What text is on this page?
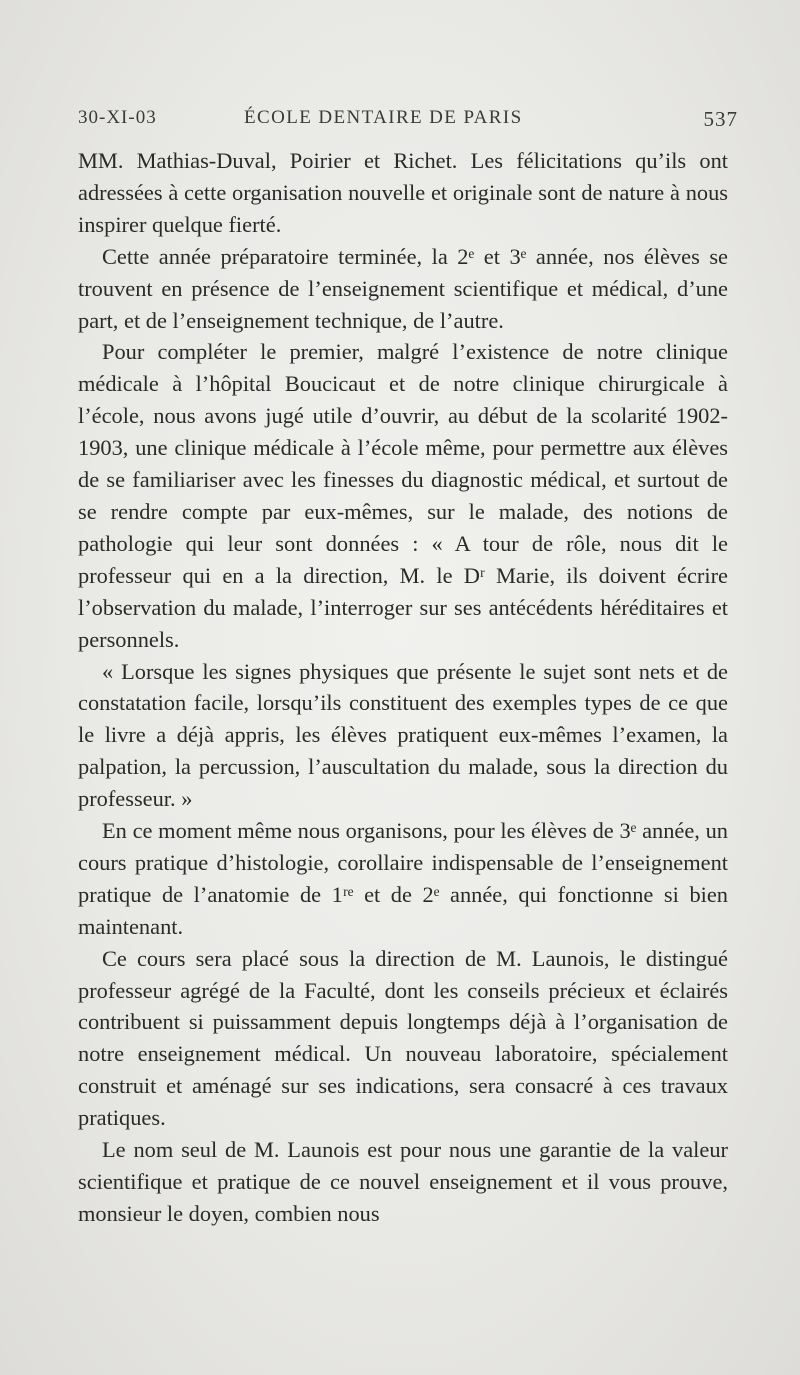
30-XI-03	ÉCOLE DENTAIRE DE PARIS	537

MM. Mathias-Duval, Poirier et Richet. Les félicitations qu’ils ont adressées à cette organisation nouvelle et originale sont de nature à nous inspirer quelque fierté.

Cette année préparatoire terminée, la 2ᵉ et 3ᵉ année, nos élèves se trouvent en présence de l’enseignement scientifique et médical, d’une part, et de l’enseignement technique, de l’autre.

Pour compléter le premier, malgré l’existence de notre clinique médicale à l’hôpital Boucicaut et de notre clinique chirurgicale à l’école, nous avons jugé utile d’ouvrir, au début de la scolarité 1902-1903, une clinique médicale à l’école même, pour permettre aux élèves de se familiariser avec les finesses du diagnostic médical, et surtout de se rendre compte par eux-mêmes, sur le malade, des notions de pathologie qui leur sont données : « A tour de rôle, nous dit le professeur qui en a la direction, M. le Dʳ Marie, ils doivent écrire l’observation du malade, l’interroger sur ses antécédents héréditaires et personnels.

« Lorsque les signes physiques que présente le sujet sont nets et de constatation facile, lorsqu’ils constituent des exemples types de ce que le livre a déjà appris, les élèves pratiquent eux-mêmes l’examen, la palpation, la percussion, l’auscultation du malade, sous la direction du professeur. »

En ce moment même nous organisons, pour les élèves de 3ᵉ année, un cours pratique d’histologie, corollaire indispensable de l’enseignement pratique de l’anatomie de 1ʳᵉ et de 2ᵉ année, qui fonctionne si bien maintenant.

Ce cours sera placé sous la direction de M. Launois, le distingué professeur agrégé de la Faculté, dont les conseils précieux et éclairés contribuent si puissamment depuis longtemps déjà à l’organisation de notre enseignement médical. Un nouveau laboratoire, spécialement construit et aménagé sur ses indications, sera consacré à ces travaux pratiques.

Le nom seul de M. Launois est pour nous une garantie de la valeur scientifique et pratique de ce nouvel enseignement et il vous prouve, monsieur le doyen, combien nous
